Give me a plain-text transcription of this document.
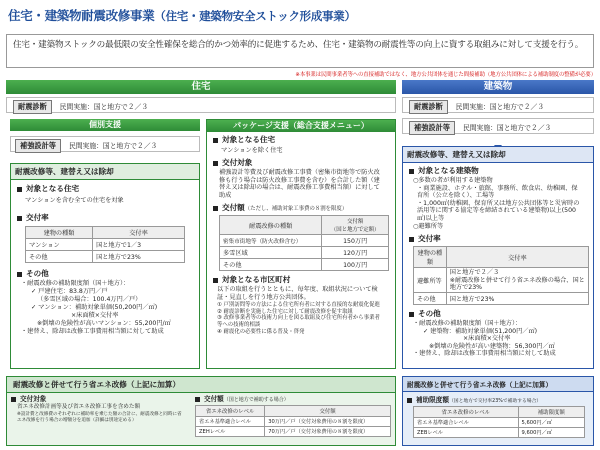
住宅・建築物耐震改修事業（住宅・建築物安全ストック形成事業）
住宅・建築物ストックの最低限の安全性確保を総合的かつ効率的に促進するため、住宅・建築物の耐震性等の向上に資する取組みに対して支援を行う。
※本事業は民間事業者等への直接補助ではなく、地方公共団体を通じた間接補助（地方公共団体による補助制度の整備が必要）
住宅	建築物
耐震診断 民間実施：国と地方で２／３	耐震診断 民間実施：国と地方で２／３
個別支援
補強設計等 民間実施：国と地方で２／３
耐震改修等、建替え又は除却
対象となる住宅
マンションを含む全ての住宅を対象
交付率
建物の種類	交付率
マンション	国と地方で1／3
その他	国と地方で23%
その他
・耐震改修の補助限度額（国＋地方）：
✓ 戸建住宅：83.8万円／戸
（多雪区域の場合：100.4万円／戸）
✓ マンション：補助対象単価(50,200円／㎡)
×床面積×交付率
※倒壊の危険性が高いマンション：55,200円/㎡
・建替え、除却は改修工事費用相当額に対して助成
パッケージ支援（総合支援メニュー）
対象となる住宅
マンションを除く住宅
交付対象
補強設計等費及び耐震改修工事費（密集市街地等で防火改修も行う場合は防火改修工事費を含む）を合計した額（建替え又は除却の場合は、耐震改修工事費相当額）に対して助成
交付額（ただし、補助対象工事費の８割を限度）
耐震改修の種類	交付額
（国と地方で定額）
密集市街地等（防火改修含む）	150万円
多雪区域	120万円
その他	100万円
対象となる市区町村
以下の取組を行うとともに、毎年度、取組状況について検証・見直しを行う地方公共団体。
① 戸別訪問等の方法による住宅所有者に対する直接的な耐震化促進
② 耐震診断を実施した住宅に対して耐震改修を促す取組
③ 改修事業者等の技術力向上を図る取組及び住宅所有者から事業者等への技術的相談
④ 耐震化の必要性に係る普及・啓発
補強設計等 民間実施：国と地方で２／３
耐震改修等、建替え又は除却
対象となる建築物
○多数の者が利用する建築物
・商業施設、ホテル・旅館、事務所、飲食店、幼稚園、保育所（公立を除く）、工場等
・1,000㎡(幼稚園、保育所又は地方公共団体等と災害時の活用等に関する協定等を締結されている建築物)以上(500㎡)以上等
○避難所等
交付率
建物の種類	交付率
避難所等	国と地方で２／３
※耐震改修と併せて行う省エネ改修の場合、国と地方で23%
その他	国と地方で23%
その他
・耐震改修の補助限度額（国＋地方）：
✓ 建築物：補助対象単価(51,200円／㎡)
×床面積×交付率
※倒壊の危険性が高い建築物：56,300円／㎡
・建替え、除却は改修工事費用相当額に対して助成
耐震改修と併せて行う省エネ改修（上記に加算）
交付対象
省エネ改修計画等及び省エネ改修工事を含めた額
※設計費と改修費のそれぞれに補助率を乗じた額の合計に、耐震改修と同時に省エネ改修を行う場合の増額分を追加（詳細は別途定める）
交付額（国と地方で補助する場合）
省エネ改修のレベル	交付額
省エネ基準適合レベル	30万円／戸（交付対象費用の８割を限度）
ZEHレベル	70万円／戸（交付対象費用の８割を限度）
耐震改修と併せて行う省エネ改修（上記に加算）
補助限度額（国と地方で交付率23%で補助する場合）
省エネ改修のレベル	補助限度額
省エネ基準適合レベル	5,600円／㎡
ZEBレベル	9,600円／㎡
